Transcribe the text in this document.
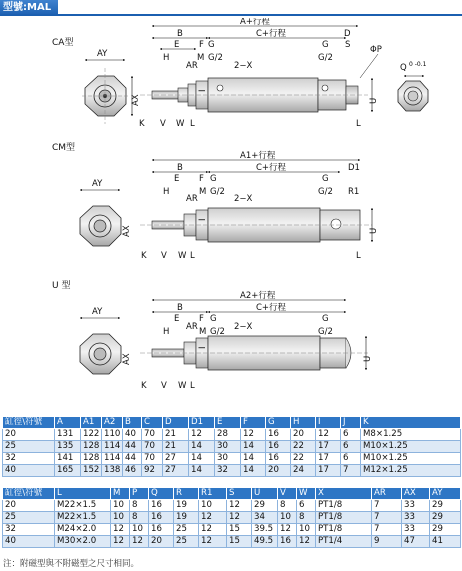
型號:MAL
CA型
AY
AX
A+行程
B	C+行程	D
E F G	G S
H	M G/2	G/2
AR	2−X
ΦP
U
K V W L	L
I
Q 0 -0.1
CM型
AY
AX
A1+行程
B	C+行程	D1
E F G	G
H	M G/2	G/2 R1
AR	2−X
U
K V W L	L
I
U 型
AY
AX
A2+行程
B	C+行程
E F G	G
H	M G/2	G/2
AR	2−X
U
K V W L
I
缸徑\符號	A	A1	A2	B	C	D	D1	E	F	G	H	I	J	K
20	131	122	110	40	70	21	12	28	12	16	20	12	6	M8×1.25
25	135	128	114	44	70	21	14	30	14	16	22	17	6	M10×1.25
32	141	128	114	44	70	27	14	30	14	16	22	17	6	M10×1.25
40	165	152	138	46	92	27	14	32	14	20	24	17	7	M12×1.25
缸徑\符號	L	M	P	Q	R	R1	S	U	V	W	X	AR	AX	AY
20	M22×1.5	10	8	16	19	10	12	29	8	6	PT1/8	7	33	29
25	M22×1.5	10	8	16	19	12	12	34	10	8	PT1/8	7	33	29
32	M24×2.0	12	10	16	25	12	15	39.5	12	10	PT1/8	7	33	29
40	M30×2.0	12	12	20	25	12	15	49.5	16	12	PT1/4	9	47	41
注：附磁型與不附磁型之尺寸相同。
